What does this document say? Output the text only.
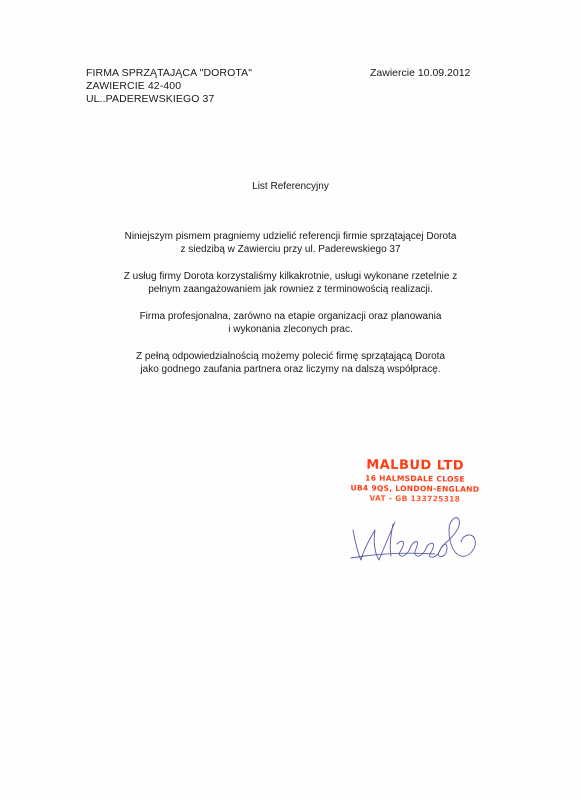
FIRMA SPRZĄTAJĄCA "DOROTA"
ZAWIERCIE 42-400
UL..PADEREWSKIEGO 37
Zawiercie 10.09.2012
List Referencyjny
Niniejszym pismem pragniemy udzielić referencji firmie sprzątającej Dorota
z siedzibą w Zawierciu przy ul. Paderewskiego 37
Z usług firmy Dorota korzystaliśmy kilkakrotnie, usługi wykonane rzetelnie z
pełnym zaangażowaniem jak rowniez z terminowością realizacji.
Firma profesjonalna, zarówno na etapie organizacji oraz planowania
i wykonania zleconych prac.
Z pełną odpowiedzialnością możemy polecić firmę sprzątającą Dorota
jako godnego zaufania partnera oraz liczymy na dalszą współpracę.
MALBUD LTD
16 HALMSDALE CLOSE
UB4 9QS, LONDON-ENGLAND
VAT - GB 133725318
